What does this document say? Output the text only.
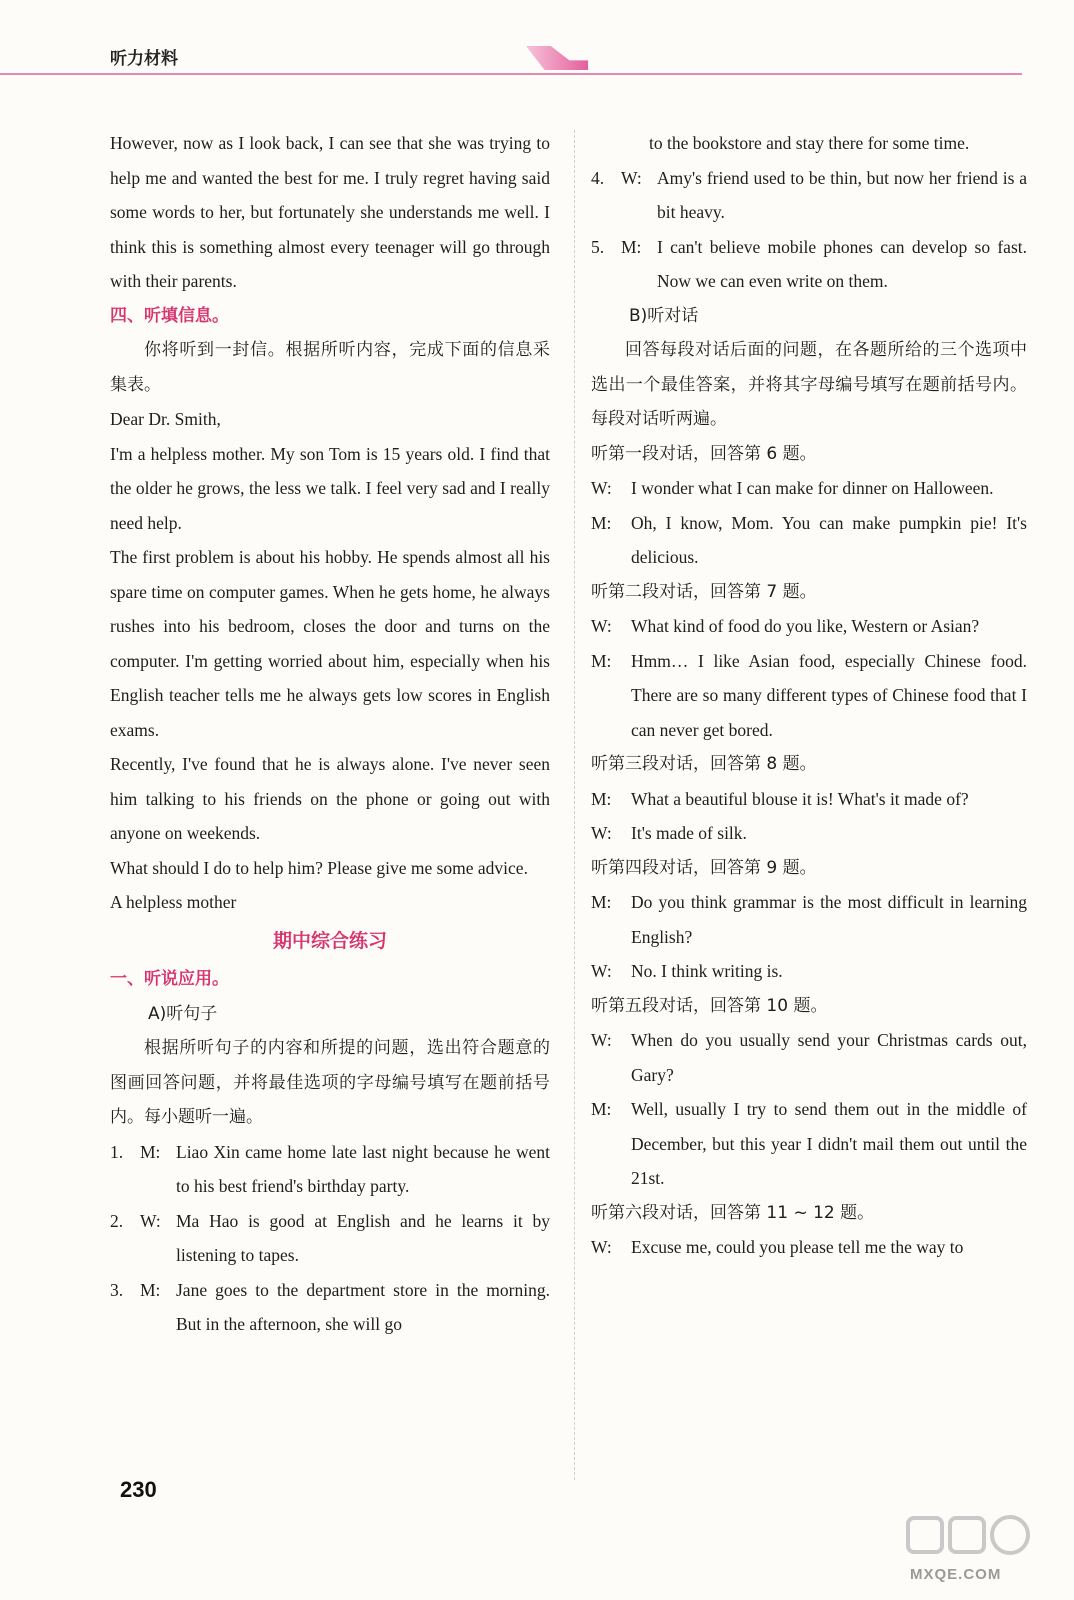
听力材料

However, now as I look back, I can see that she was trying to help me and wanted the best for me. I truly regret having said some words to her, but fortunately she understands me well. I think this is something almost every teenager will go through with their parents.

四、听填信息。

你将听到一封信。根据所听内容，完成下面的信息采集表。

Dear Dr. Smith,

I'm a helpless mother. My son Tom is 15 years old. I find that the older he grows, the less we talk. I feel very sad and I really need help.

The first problem is about his hobby. He spends almost all his spare time on computer games. When he gets home, he always rushes into his bedroom, closes the door and turns on the computer. I'm getting worried about him, especially when his English teacher tells me he always gets low scores in English exams.

Recently, I've found that he is always alone. I've never seen him talking to his friends on the phone or going out with anyone on weekends.

What should I do to help him? Please give me some advice.

A helpless mother

期中综合练习

一、听说应用。

A)听句子

根据所听句子的内容和所提的问题，选出符合题意的图画回答问题，并将最佳选项的字母编号填写在题前括号内。每小题听一遍。

1. M: Liao Xin came home late last night because he went to his best friend's birthday party.
2. W: Ma Hao is good at English and he learns it by listening to tapes.
3. M: Jane goes to the department store in the morning. But in the afternoon, she will go

to the bookstore and stay there for some time.

4. W: Amy's friend used to be thin, but now her friend is a bit heavy.
5. M: I can't believe mobile phones can develop so fast. Now we can even write on them.

B)听对话

回答每段对话后面的问题，在各题所给的三个选项中选出一个最佳答案，并将其字母编号填写在题前括号内。每段对话听两遍。

听第一段对话，回答第 6 题。

W:	I wonder what I can make for dinner on Halloween.
M:	Oh, I know, Mom. You can make pumpkin pie! It's delicious.

听第二段对话，回答第 7 题。

W:	What kind of food do you like, Western or Asian?
M:	Hmm… I like Asian food, especially Chinese food. There are so many different types of Chinese food that I can never get bored.

听第三段对话，回答第 8 题。

M:	What a beautiful blouse it is! What's it made of?
W:	It's made of silk.

听第四段对话，回答第 9 题。

M:	Do you think grammar is the most difficult in learning English?
W:	No. I think writing is.

听第五段对话，回答第 10 题。

W:	When do you usually send your Christmas cards out, Gary?
M:	Well, usually I try to send them out in the middle of December, but this year I didn't mail them out until the 21st.

听第六段对话，回答第 11 ~ 12 题。

W:	Excuse me, could you please tell me the way to
230
MXQE.COM
